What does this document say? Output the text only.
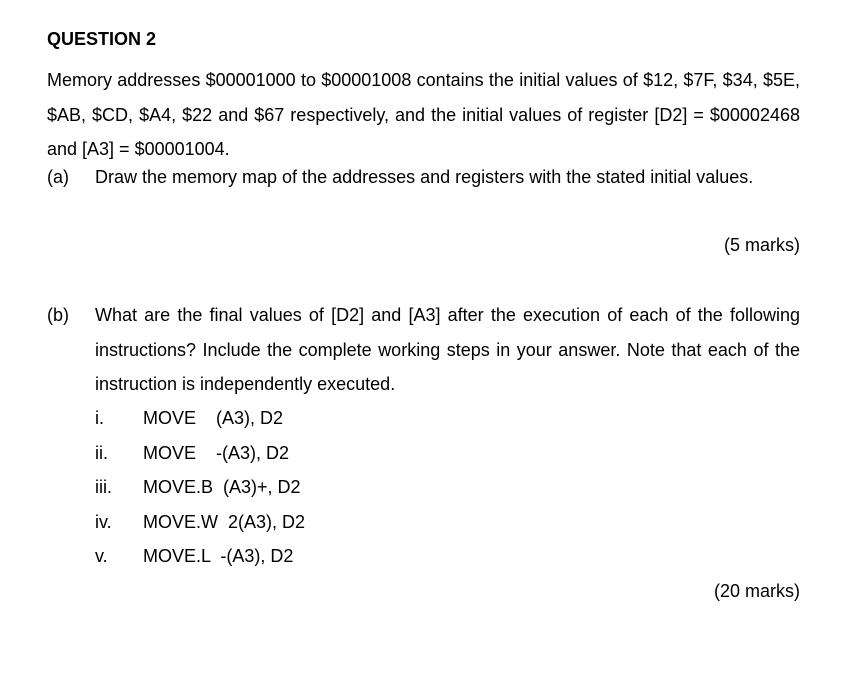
QUESTION 2
Memory addresses $00001000 to $00001008 contains the initial values of $12, $7F, $34, $5E, $AB, $CD, $A4, $22 and $67 respectively, and the initial values of register [D2] = $00002468 and [A3] = $00001004.
(a) Draw the memory map of the addresses and registers with the stated initial values.
(5 marks)
(b) What are the final values of [D2] and [A3] after the execution of each of the following instructions? Include the complete working steps in your answer. Note that each of the instruction is independently executed.
i.	MOVE    (A3), D2
ii.	MOVE    -(A3), D2
iii.	MOVE.B  (A3)+, D2
iv.	MOVE.W  2(A3), D2
v.	MOVE.L  -(A3), D2
(20 marks)
